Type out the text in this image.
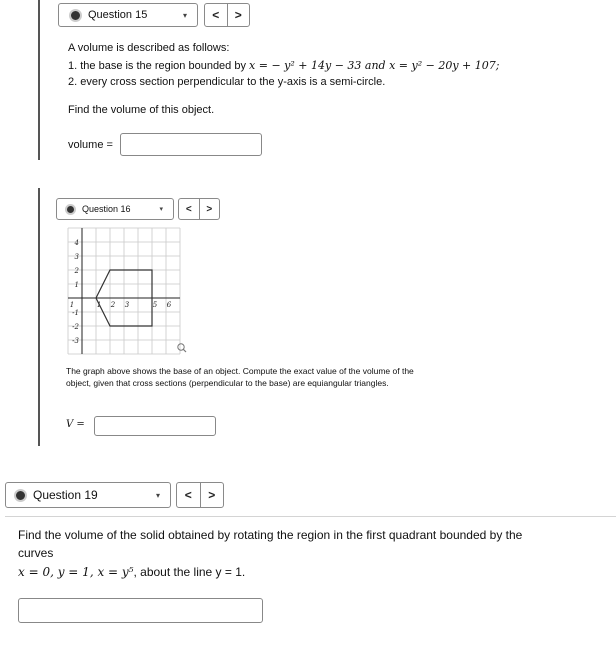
Question 15	▾	<	>
A volume is described as follows:
1. the base is the region bounded by x = − y² + 14y − 33 and x = y² − 20y + 107;
2. every cross section perpendicular to the y-axis is a semi-circle.
Find the volume of this object.
volume =
Question 16	▾	<	>
4
3
2
1
-1
-2
-3
1 2 3	5 6
1
The graph above shows the base of an object. Compute the exact value of the volume of the
object, given that cross sections (perpendicular to the base) are equiangular triangles.
V =
Question 19	▾	<	>
Find the volume of the solid obtained by rotating the region in the first quadrant bounded by the
curves
x = 0, y = 1, x = y⁵, about the line y = 1.
